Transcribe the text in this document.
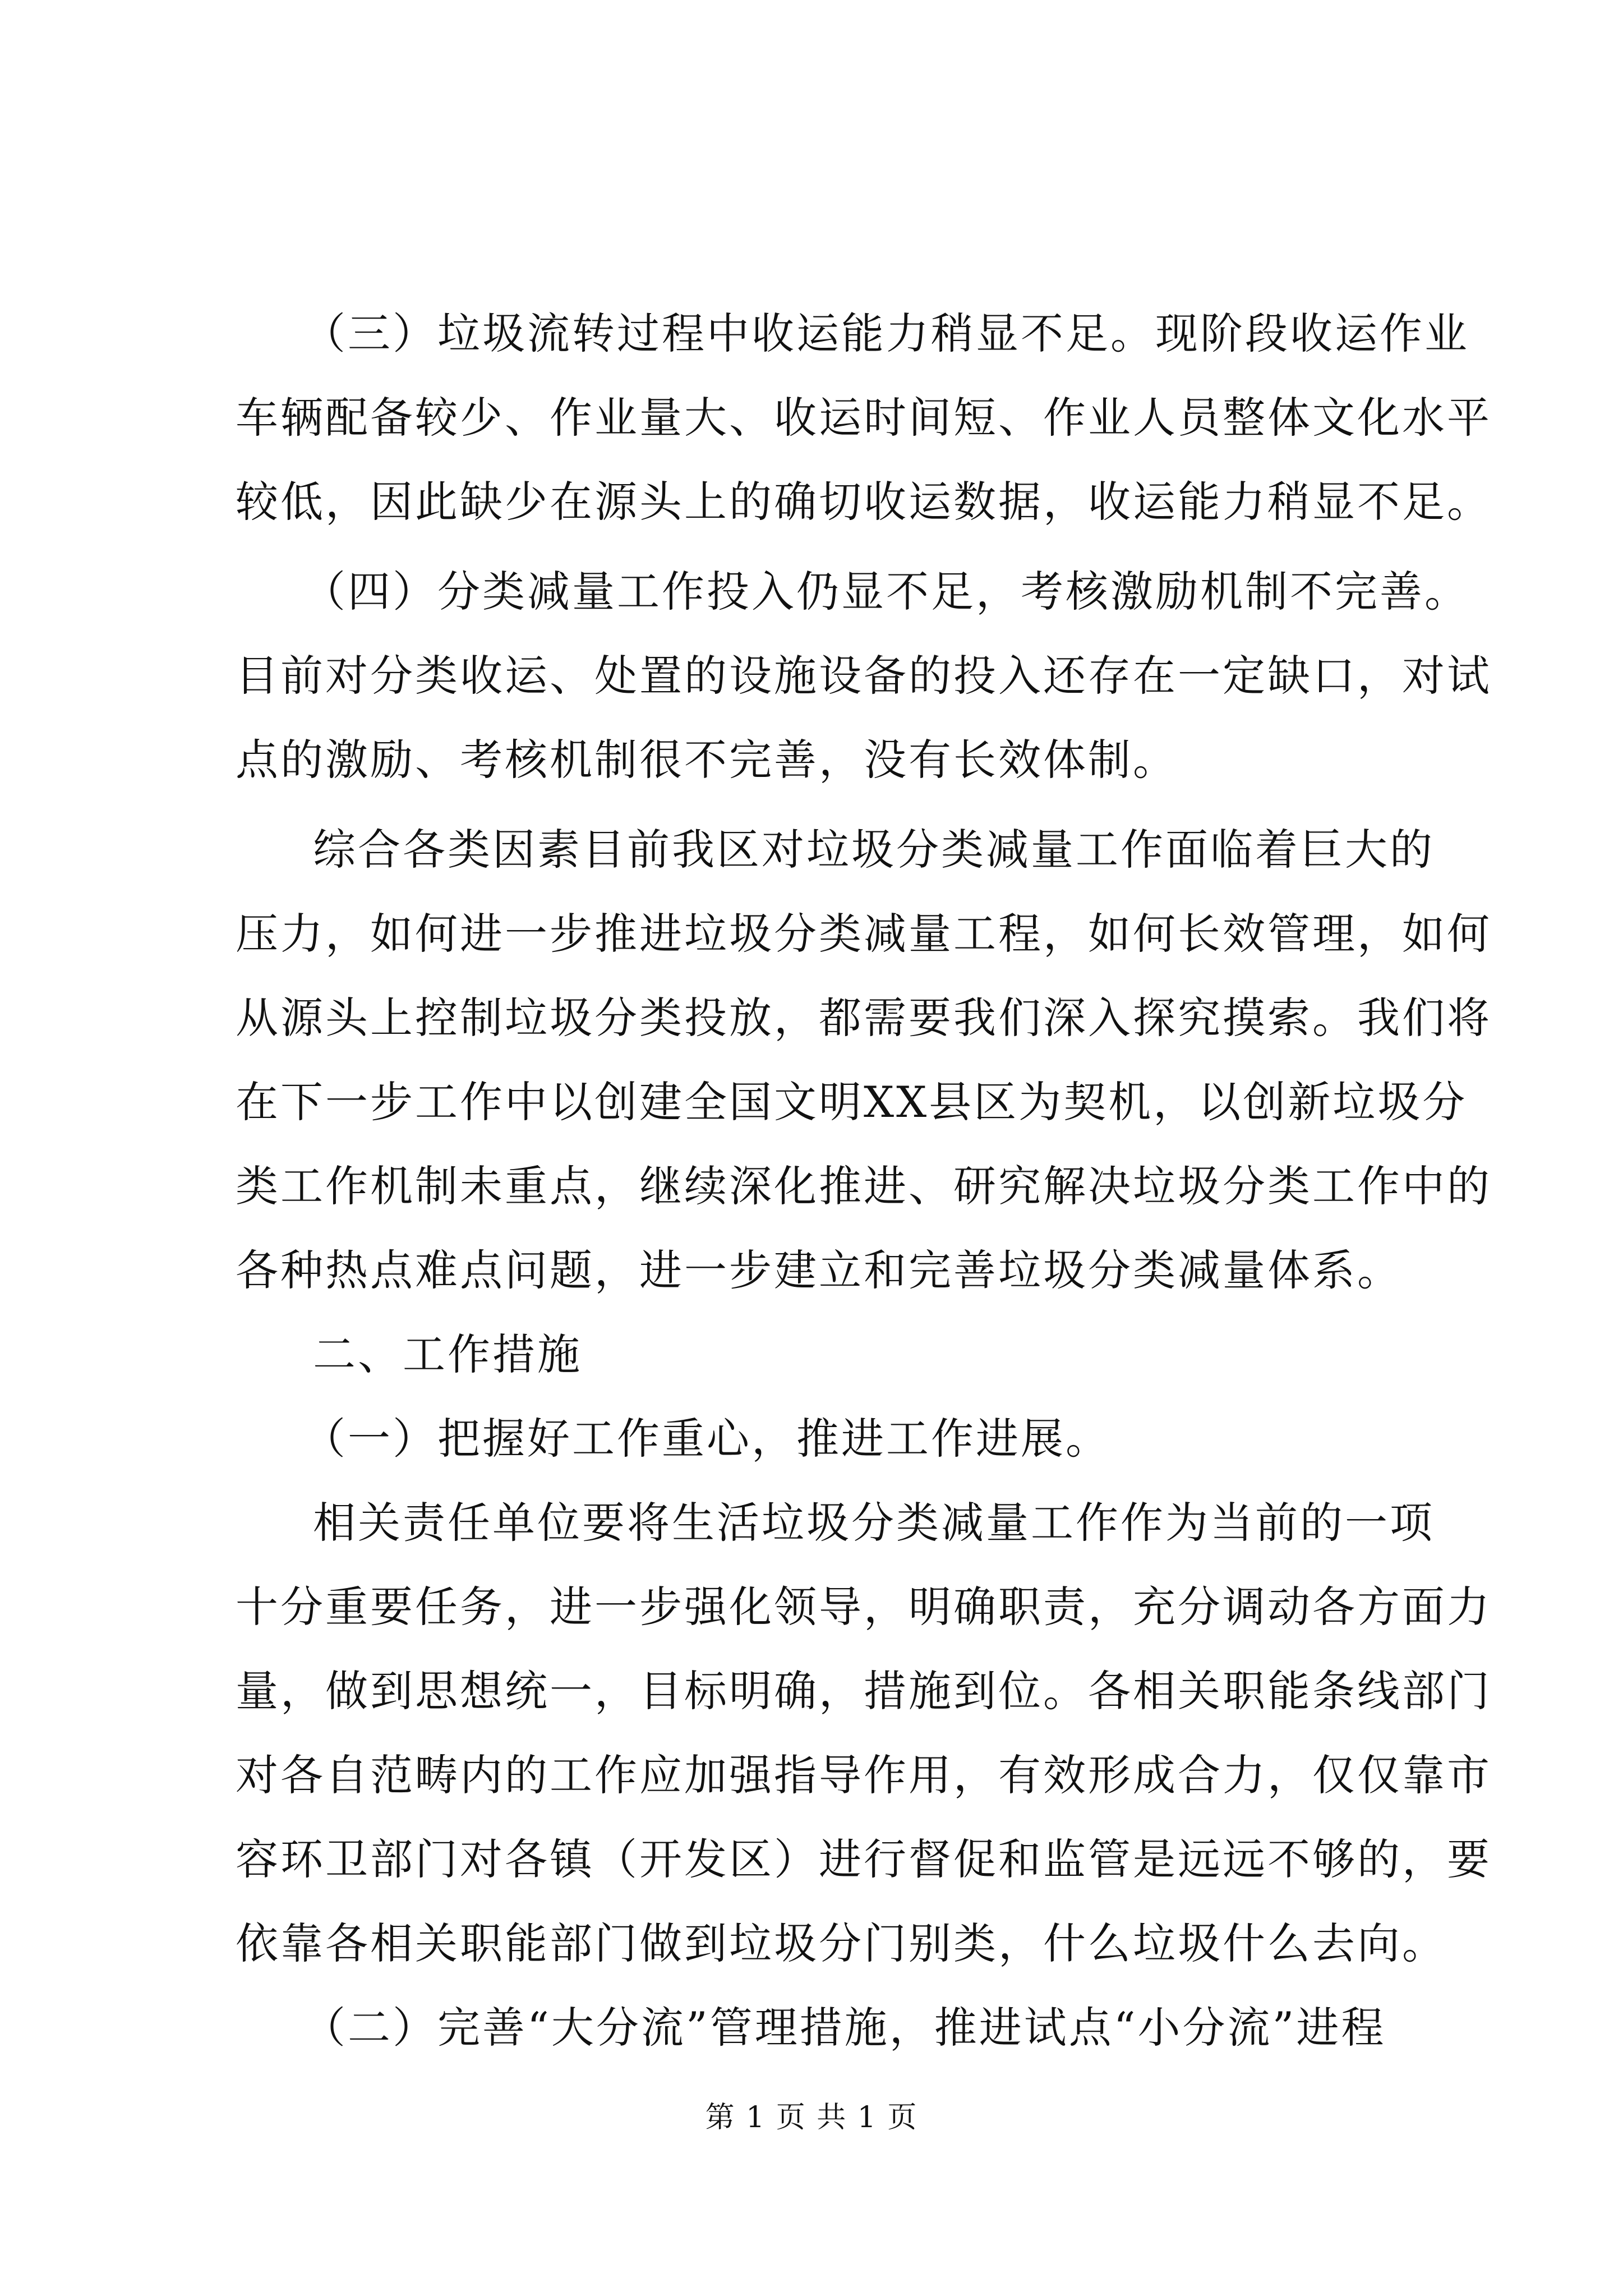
（三）垃圾流转过程中收运能力稍显不足。现阶段收运作业
车辆配备较少、作业量大、收运时间短、作业人员整体文化水平
较低，因此缺少在源头上的确切收运数据，收运能力稍显不足。
（四）分类减量工作投入仍显不足，考核激励机制不完善。
目前对分类收运、处置的设施设备的投入还存在一定缺口，对试
点的激励、考核机制很不完善，没有长效体制。
综合各类因素目前我区对垃圾分类减量工作面临着巨大的
压力，如何进一步推进垃圾分类减量工程，如何长效管理，如何
从源头上控制垃圾分类投放，都需要我们深入探究摸索。我们将
在下一步工作中以创建全国文明XX县区为契机，以创新垃圾分
类工作机制未重点，继续深化推进、研究解决垃圾分类工作中的
各种热点难点问题，进一步建立和完善垃圾分类减量体系。
二、工作措施
（一）把握好工作重心，推进工作进展。
相关责任单位要将生活垃圾分类减量工作作为当前的一项
十分重要任务，进一步强化领导，明确职责，充分调动各方面力
量，做到思想统一，目标明确，措施到位。各相关职能条线部门
对各自范畴内的工作应加强指导作用，有效形成合力，仅仅靠市
容环卫部门对各镇（开发区）进行督促和监管是远远不够的，要
依靠各相关职能部门做到垃圾分门别类，什么垃圾什么去向。
（二）完善“大分流”管理措施，推进试点“小分流”进程
第 1 页 共 1 页
